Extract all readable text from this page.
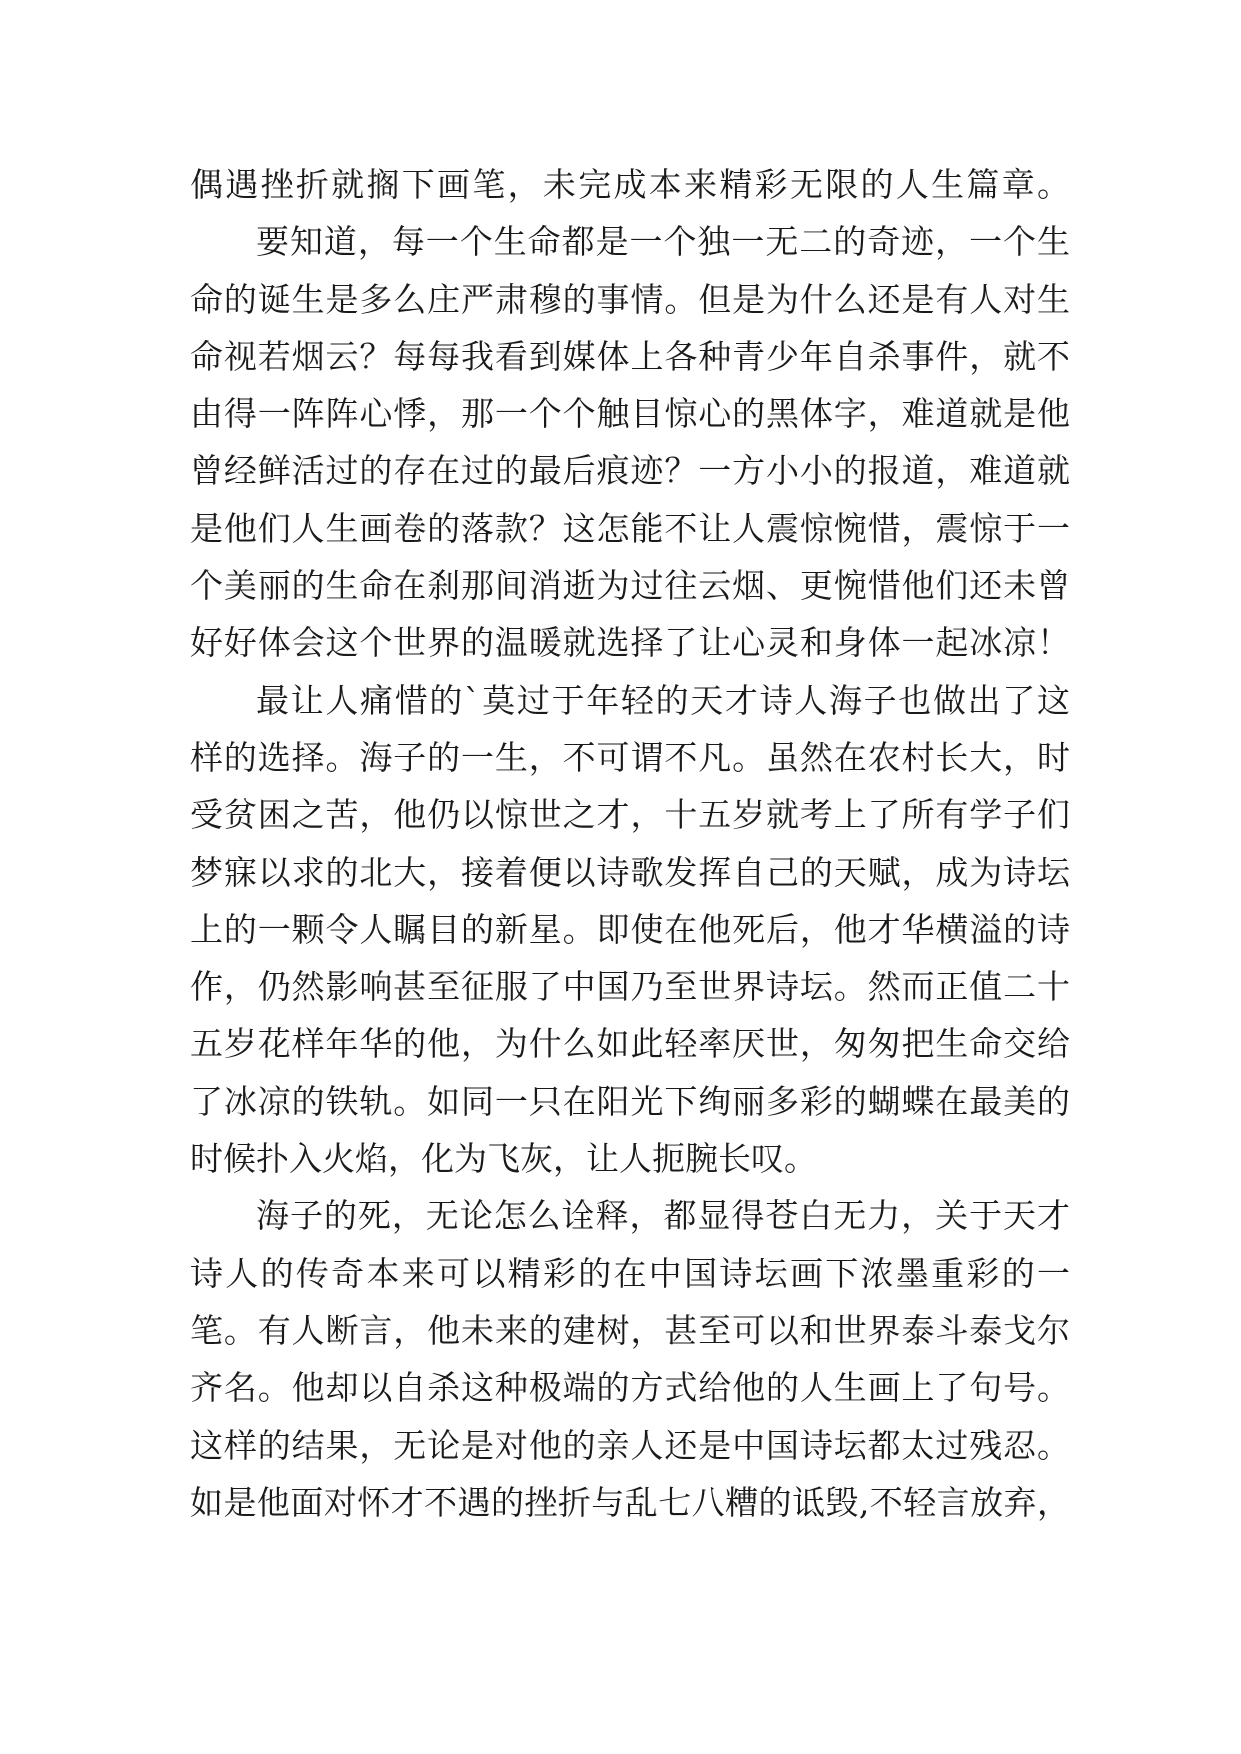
偶遇挫折就搁下画笔，未完成本来精彩无限的人生篇章。
要知道，每一个生命都是一个独一无二的奇迹，一个生
命的诞生是多么庄严肃穆的事情。但是为什么还是有人对生
命视若烟云？每每我看到媒体上各种青少年自杀事件，就不
由得一阵阵心悸，那一个个触目惊心的黑体字，难道就是他
曾经鲜活过的存在过的最后痕迹？一方小小的报道，难道就
是他们人生画卷的落款？这怎能不让人震惊惋惜，震惊于一
个美丽的生命在刹那间消逝为过往云烟、更惋惜他们还未曾
好好体会这个世界的温暖就选择了让心灵和身体一起冰凉！
最让人痛惜的`莫过于年轻的天才诗人海子也做出了这
样的选择。海子的一生，不可谓不凡。虽然在农村长大，时
受贫困之苦，他仍以惊世之才，十五岁就考上了所有学子们
梦寐以求的北大，接着便以诗歌发挥自己的天赋，成为诗坛
上的一颗令人瞩目的新星。即使在他死后，他才华横溢的诗
作，仍然影响甚至征服了中国乃至世界诗坛。然而正值二十
五岁花样年华的他，为什么如此轻率厌世，匆匆把生命交给
了冰凉的铁轨。如同一只在阳光下绚丽多彩的蝴蝶在最美的
时候扑入火焰，化为飞灰，让人扼腕长叹。
海子的死，无论怎么诠释，都显得苍白无力，关于天才
诗人的传奇本来可以精彩的在中国诗坛画下浓墨重彩的一
笔。有人断言，他未来的建树，甚至可以和世界泰斗泰戈尔
齐名。他却以自杀这种极端的方式给他的人生画上了句号。
这样的结果，无论是对他的亲人还是中国诗坛都太过残忍。
如是他面对怀才不遇的挫折与乱七八糟的诋毁,不轻言放弃，
